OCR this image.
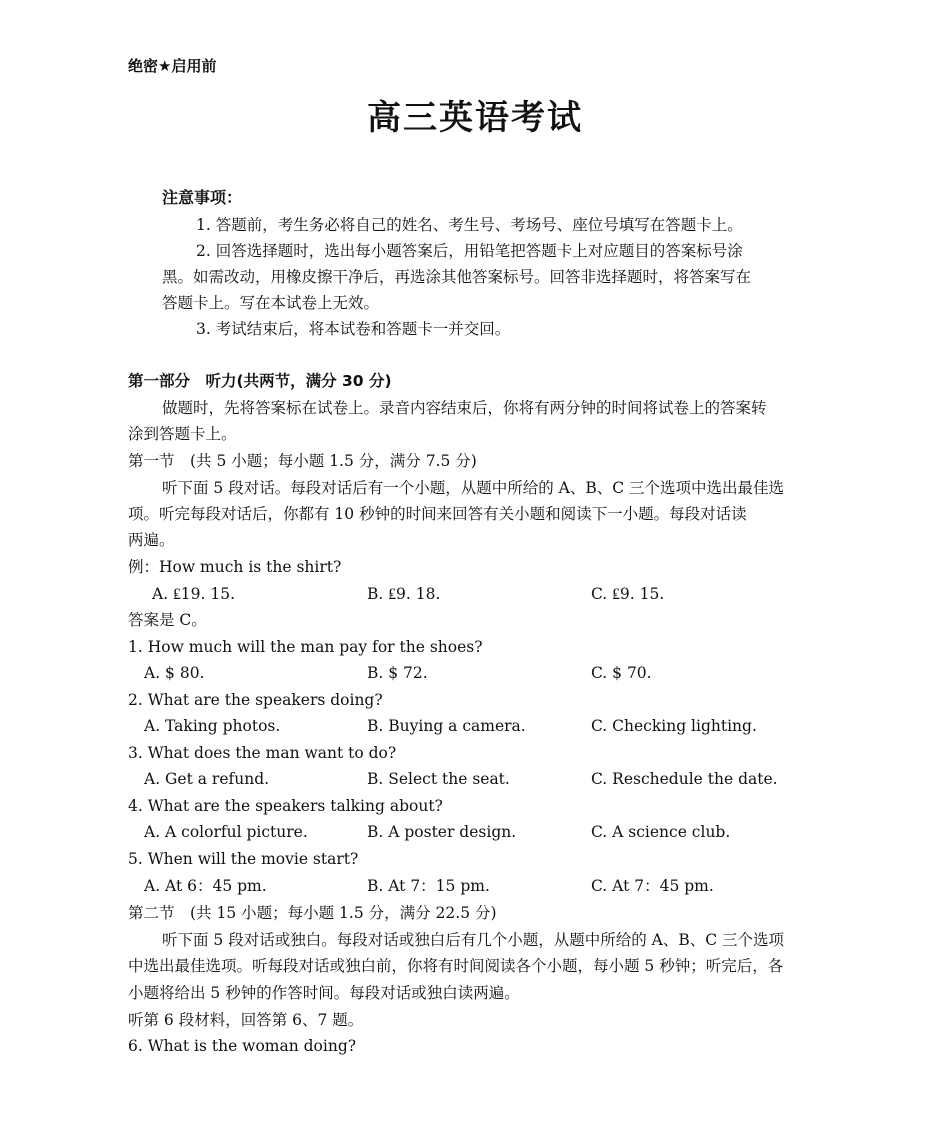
绝密★启用前
高三英语考试
注意事项：
1. 答题前，考生务必将自己的姓名、考生号、考场号、座位号填写在答题卡上。
2. 回答选择题时，选出每小题答案后，用铅笔把答题卡上对应题目的答案标号涂
黑。如需改动，用橡皮擦干净后，再选涂其他答案标号。回答非选择题时，将答案写在
答题卡上。写在本试卷上无效。
3. 考试结束后，将本试卷和答题卡一并交回。
第一部分　听力(共两节，满分 30 分)
做题时，先将答案标在试卷上。录音内容结束后，你将有两分钟的时间将试卷上的答案转
涂到答题卡上。
第一节　(共 5 小题；每小题 1.5 分，满分 7.5 分)
听下面 5 段对话。每段对话后有一个小题，从题中所给的 A、B、C 三个选项中选出最佳选
项。听完每段对话后，你都有 10 秒钟的时间来回答有关小题和阅读下一小题。每段对话读
两遍。
例：How much is the shirt?
A. ₤19. 15.	B. ₤9. 18.	C. ₤9. 15.
答案是 C。
1. How much will the man pay for the shoes?
A. $ 80.	B. $ 72.	C. $ 70.
2. What are the speakers doing?
A. Taking photos.	B. Buying a camera.	C. Checking lighting.
3. What does the man want to do?
A. Get a refund.	B. Select the seat.	C. Reschedule the date.
4. What are the speakers talking about?
A. A colorful picture.	B. A poster design.	C. A science club.
5. When will the movie start?
A. At 6：45 pm.	B. At 7：15 pm.	C. At 7：45 pm.
第二节　(共 15 小题；每小题 1.5 分，满分 22.5 分)
听下面 5 段对话或独白。每段对话或独白后有几个小题，从题中所给的 A、B、C 三个选项
中选出最佳选项。听每段对话或独白前，你将有时间阅读各个小题，每小题 5 秒钟；听完后，各
小题将给出 5 秒钟的作答时间。每段对话或独白读两遍。
听第 6 段材料，回答第 6、7 题。
6. What is the woman doing?
